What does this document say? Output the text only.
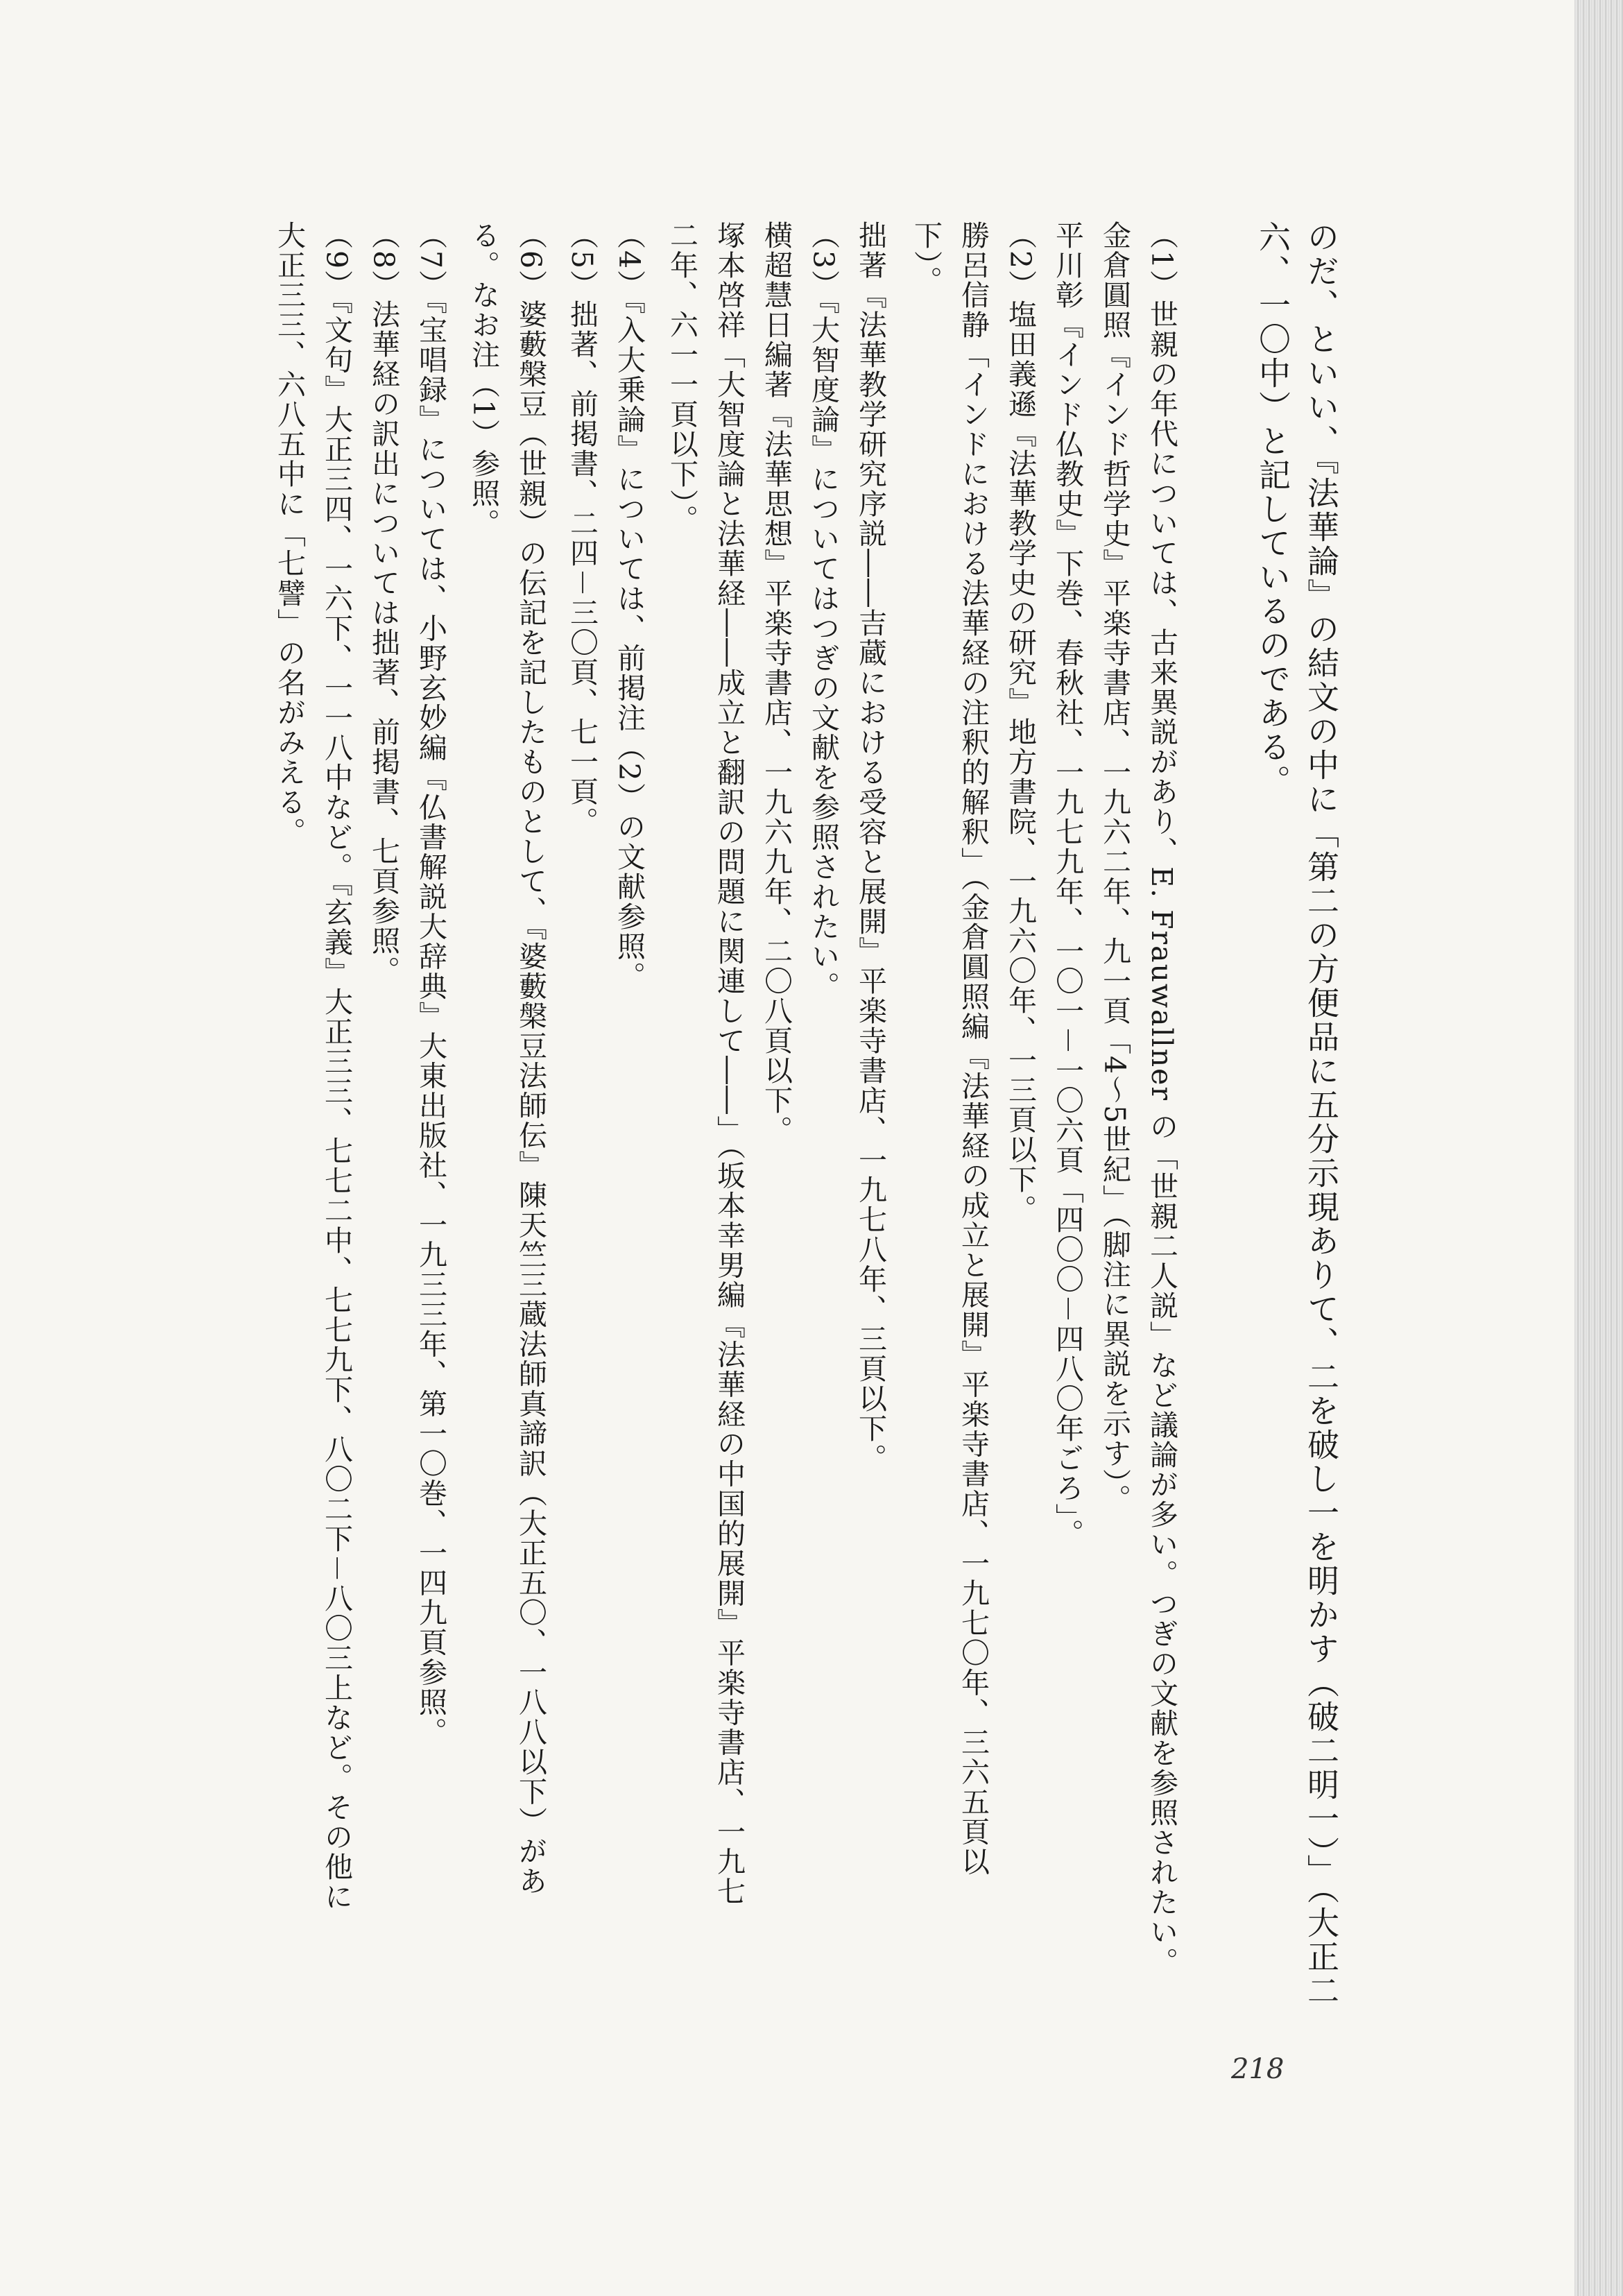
のだ、といい、『法華論』の結文の中に「第二の方便品に五分示現ありて、二を破し一を明かす（破二明一）」（大正二
六、一〇中）と記しているのである。
（1）世親の年代については、古来異説があり、E. Frauwallner の「世親二人説」など議論が多い。つぎの文献を参照されたい。
金倉圓照『インド哲学史』平楽寺書店、一九六二年、九一頁「4～5世紀」（脚注に異説を示す）。
平川彰『インド仏教史』下巻、春秋社、一九七九年、一〇一－一〇六頁「四〇〇－四八〇年ごろ」。
（2）塩田義遜『法華教学史の研究』地方書院、一九六〇年、一三頁以下。
勝呂信静「インドにおける法華経の注釈的解釈」（金倉圓照編『法華経の成立と展開』平楽寺書店、一九七〇年、三六五頁以
下）。
拙著『法華教学研究序説――吉蔵における受容と展開』平楽寺書店、一九七八年、三頁以下。
（3）『大智度論』についてはつぎの文献を参照されたい。
横超慧日編著『法華思想』平楽寺書店、一九六九年、二〇八頁以下。
塚本啓祥「大智度論と法華経――成立と翻訳の問題に関連して――」（坂本幸男編『法華経の中国的展開』平楽寺書店、一九七
二年、六一一頁以下）。
（4）『入大乗論』については、前掲注（2）の文献参照。
（5）拙著、前掲書、二四－三〇頁、七一頁。
（6）婆藪槃豆（世親）の伝記を記したものとして、『婆藪槃豆法師伝』陳天竺三蔵法師真諦訳（大正五〇、一八八以下）があ
る。なお注（1）参照。
（7）『宝唱録』については、小野玄妙編『仏書解説大辞典』大東出版社、一九三三年、第一〇巻、一四九頁参照。
（8）法華経の訳出については拙著、前掲書、七頁参照。
（9）『文句』大正三四、一六下、一一八中など。『玄義』大正三三、七七二中、七七九下、八〇二下－八〇三上など。その他に
大正三三、六八五中に「七譬」の名がみえる。
218
